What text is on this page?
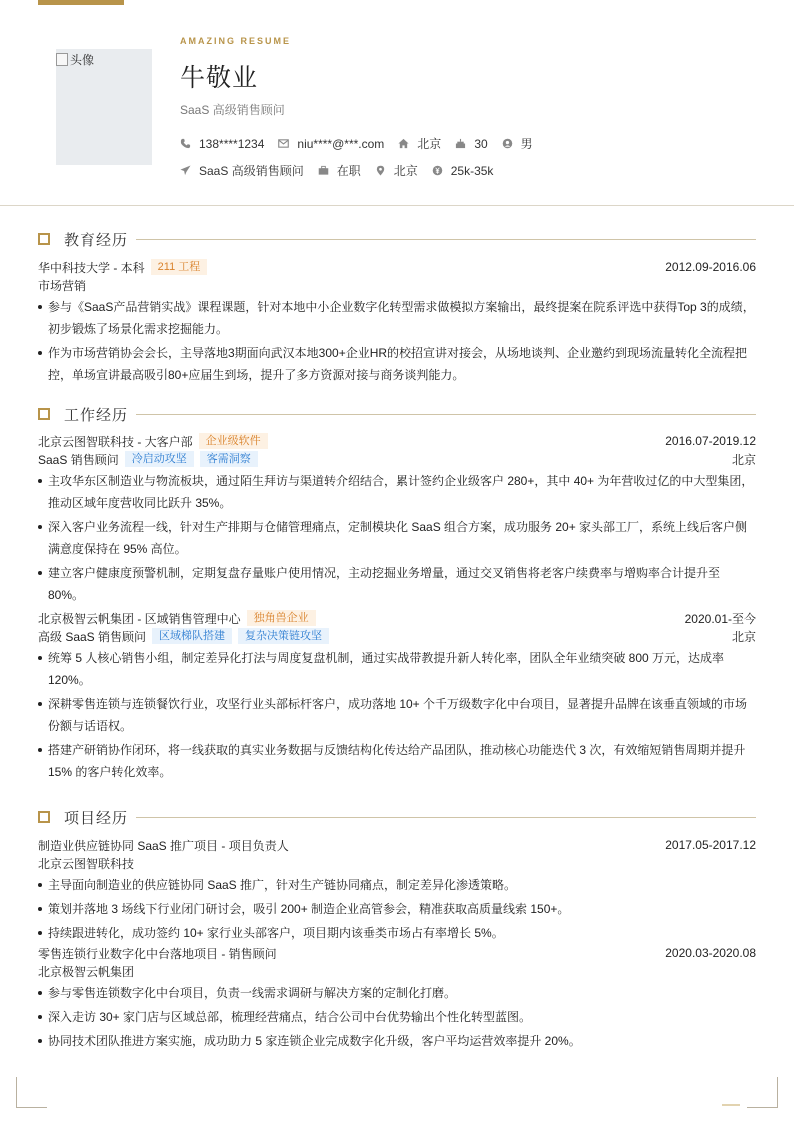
头像
AMAZING RESUME
牛敬业
SaaS 高级销售顾问
138****1234	niu****@***.com	北京	30	男
SaaS 高级销售顾问	在职	北京	25k-35k
教育经历
华中科技大学 - 本科	211 工程	2012.09-2016.06
市场营销
参与《SaaS产品营销实战》课程课题，针对本地中小企业数字化转型需求做模拟方案输出，最终提案在院系评选中获得Top 3的成绩，初步锻炼了场景化需求挖掘能力。
作为市场营销协会会长，主导落地3期面向武汉本地300+企业HR的校招宣讲对接会，从场地谈判、企业邀约到现场流量转化全流程把控，单场宣讲最高吸引80+应届生到场，提升了多方资源对接与商务谈判能力。
工作经历
北京云图智联科技 - 大客户部	企业级软件	2016.07-2019.12
SaaS 销售顾问	冷启动攻坚	客需洞察	北京
主攻华东区制造业与物流板块，通过陌生拜访与渠道转介绍结合，累计签约企业级客户 280+，其中 40+ 为年营收过亿的中大型集团，推动区域年度营收同比跃升 35%。
深入客户业务流程一线，针对生产排期与仓储管理痛点，定制模块化 SaaS 组合方案，成功服务 20+ 家头部工厂，系统上线后客户侧满意度保持在 95% 高位。
建立客户健康度预警机制，定期复盘存量账户使用情况，主动挖掘业务增量，通过交叉销售将老客户续费率与增购率合计提升至 80%。
北京极智云帆集团 - 区域销售管理中心	独角兽企业	2020.01-至今
高级 SaaS 销售顾问	区域梯队搭建	复杂决策链攻坚	北京
统筹 5 人核心销售小组，制定差异化打法与周度复盘机制，通过实战带教提升新人转化率，团队全年业绩突破 800 万元，达成率 120%。
深耕零售连锁与连锁餐饮行业，攻坚行业头部标杆客户，成功落地 10+ 个千万级数字化中台项目，显著提升品牌在该垂直领域的市场份额与话语权。
搭建产研销协作闭环，将一线获取的真实业务数据与反馈结构化传达给产品团队，推动核心功能迭代 3 次，有效缩短销售周期并提升 15% 的客户转化效率。
项目经历
制造业供应链协同 SaaS 推广项目 - 项目负责人	2017.05-2017.12
北京云图智联科技
主导面向制造业的供应链协同 SaaS 推广，针对生产链协同痛点，制定差异化渗透策略。
策划并落地 3 场线下行业闭门研讨会，吸引 200+ 制造企业高管参会，精准获取高质量线索 150+。
持续跟进转化，成功签约 10+ 家行业头部客户，项目期内该垂类市场占有率增长 5%。
零售连锁行业数字化中台落地项目 - 销售顾问	2020.03-2020.08
北京极智云帆集团
参与零售连锁数字化中台项目，负责一线需求调研与解决方案的定制化打磨。
深入走访 30+ 家门店与区域总部，梳理经营痛点，结合公司中台优势输出个性化转型蓝图。
协同技术团队推进方案实施，成功助力 5 家连锁企业完成数字化升级，客户平均运营效率提升 20%。
